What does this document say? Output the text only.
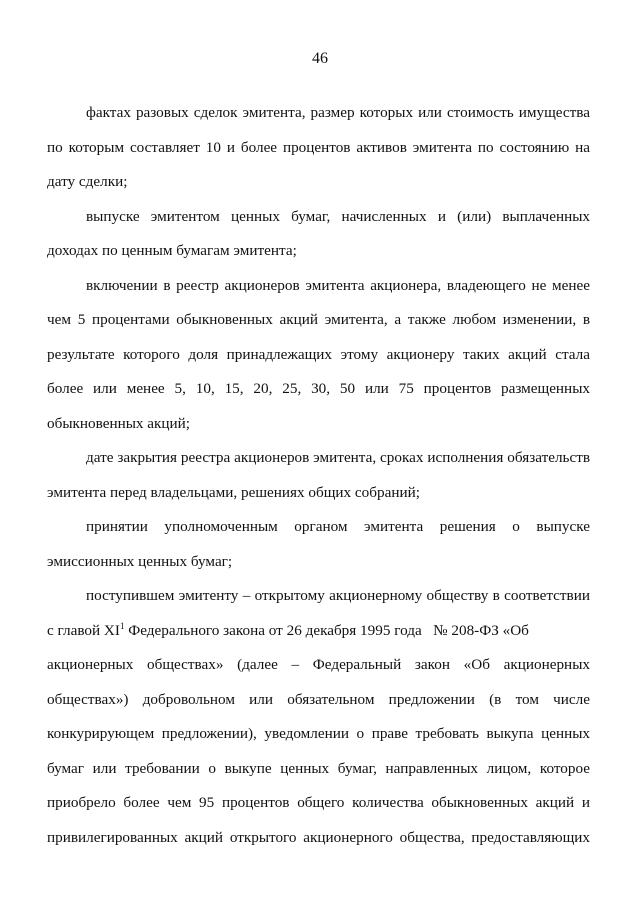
46
фактах разовых сделок эмитента, размер которых или стоимость имущества
по которым составляет 10 и более процентов активов эмитента по состоянию на
дату сделки;
выпуске эмитентом ценных бумаг, начисленных и (или) выплаченных
доходах по ценным бумагам эмитента;
включении в реестр акционеров эмитента акционера, владеющего не менее
чем 5 процентами обыкновенных акций эмитента, а также любом изменении, в
результате которого доля принадлежащих этому акционеру таких акций стала
более или менее 5, 10, 15, 20, 25, 30, 50 или 75 процентов размещенных
обыкновенных акций;
дате закрытия реестра акционеров эмитента, сроках исполнения обязательств
эмитента перед владельцами, решениях общих собраний;
принятии уполномоченным органом эмитента решения о выпуске
эмиссионных ценных бумаг;
поступившем эмитенту – открытому акционерному обществу в соответствии
с главой $XI^1$ Федерального закона от 26 декабря 1995 года   № 208-ФЗ «Об
акционерных обществах» (далее – Федеральный закон «Об акционерных
обществах») добровольном или обязательном предложении (в том числе
конкурирующем предложении), уведомлении о праве требовать выкупа ценных
бумаг или требовании о выкупе ценных бумаг, направленных лицом, которое
приобрело более чем 95 процентов общего количества обыкновенных акций и
привилегированных акций открытого акционерного общества, предоставляющих
